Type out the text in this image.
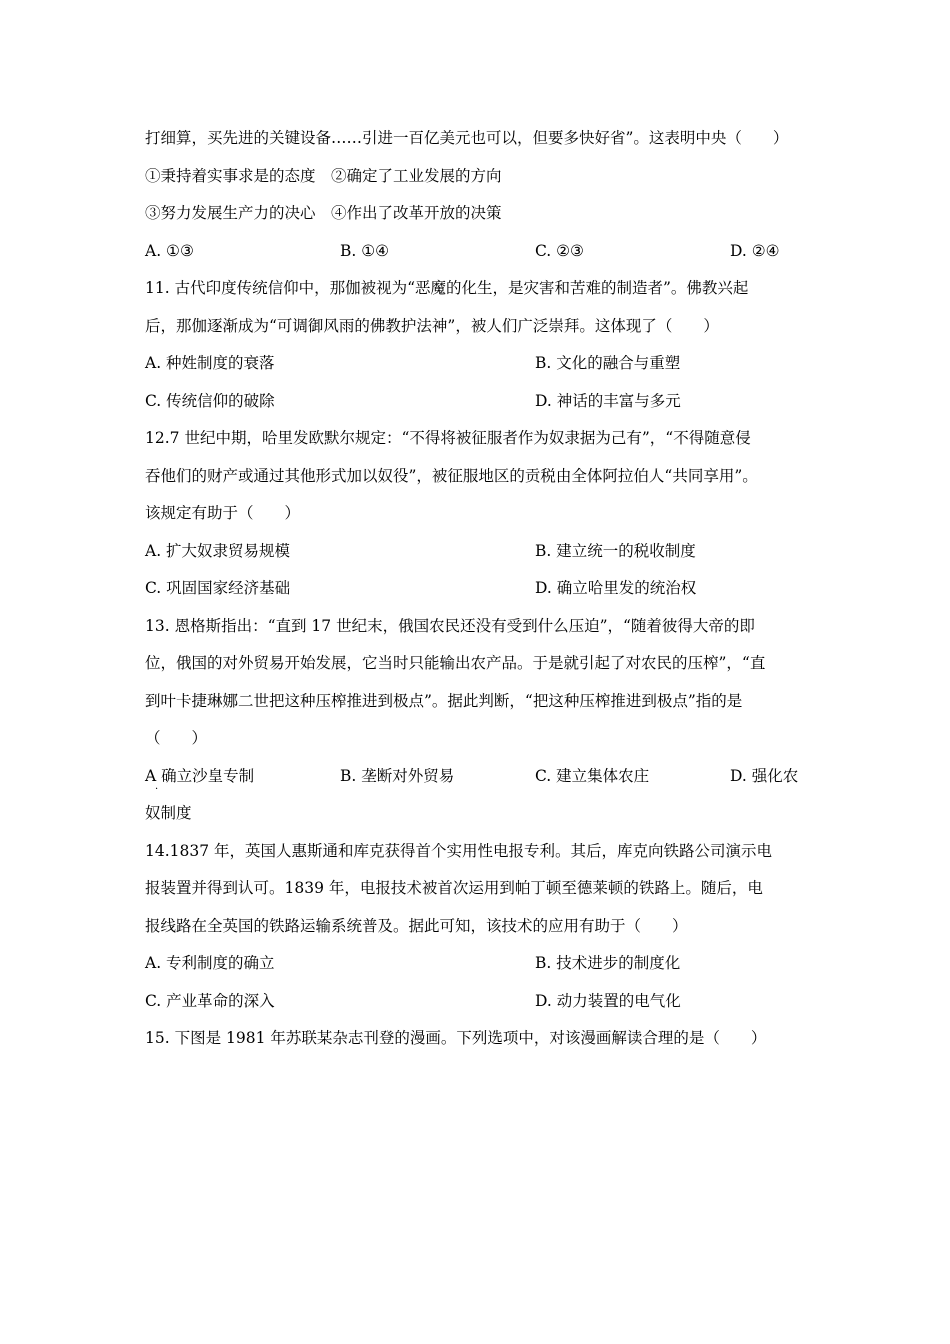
打细算，买先进的关键设备……引进一百亿美元也可以，但要多快好省”。这表明中央（　　）
①秉持着实事求是的态度　②确定了工业发展的方向
③努力发展生产力的决心　④作出了改革开放的决策
A. ①③	B. ①④	C. ②③	D. ②④
11. 古代印度传统信仰中，那伽被视为“恶魔的化生，是灾害和苦难的制造者”。佛教兴起
后，那伽逐渐成为“可调御风雨的佛教护法神”，被人们广泛崇拜。这体现了（　　）
A. 种姓制度的衰落	B. 文化的融合与重塑
C. 传统信仰的破除	D. 神话的丰富与多元
12.7 世纪中期，哈里发欧默尔规定：“不得将被征服者作为奴隶据为己有”，“不得随意侵
吞他们的财产或通过其他形式加以奴役”，被征服地区的贡税由全体阿拉伯人“共同享用”。
该规定有助于（　　）
A. 扩大奴隶贸易规模	B. 建立统一的税收制度
C. 巩固国家经济基础	D. 确立哈里发的统治权
13. 恩格斯指出：“直到 17 世纪末，俄国农民还没有受到什么压迫”，“随着彼得大帝的即
位，俄国的对外贸易开始发展，它当时只能输出农产品。于是就引起了对农民的压榨”，“直
到叶卡捷琳娜二世把这种压榨推进到极点”。据此判断，“把这种压榨推进到极点”指的是
（　　）
A 确立沙皇专制
·
B. 垄断对外贸易	C. 建立集体农庄	D. 强化农
奴制度
14.1837 年，英国人惠斯通和库克获得首个实用性电报专利。其后，库克向铁路公司演示电
报装置并得到认可。1839 年，电报技术被首次运用到帕丁顿至德莱顿的铁路上。随后，电
报线路在全英国的铁路运输系统普及。据此可知，该技术的应用有助于（　　）
A. 专利制度的确立	B. 技术进步的制度化
C. 产业革命的深入	D. 动力装置的电气化
15. 下图是 1981 年苏联某杂志刊登的漫画。下列选项中，对该漫画解读合理的是（　　）
